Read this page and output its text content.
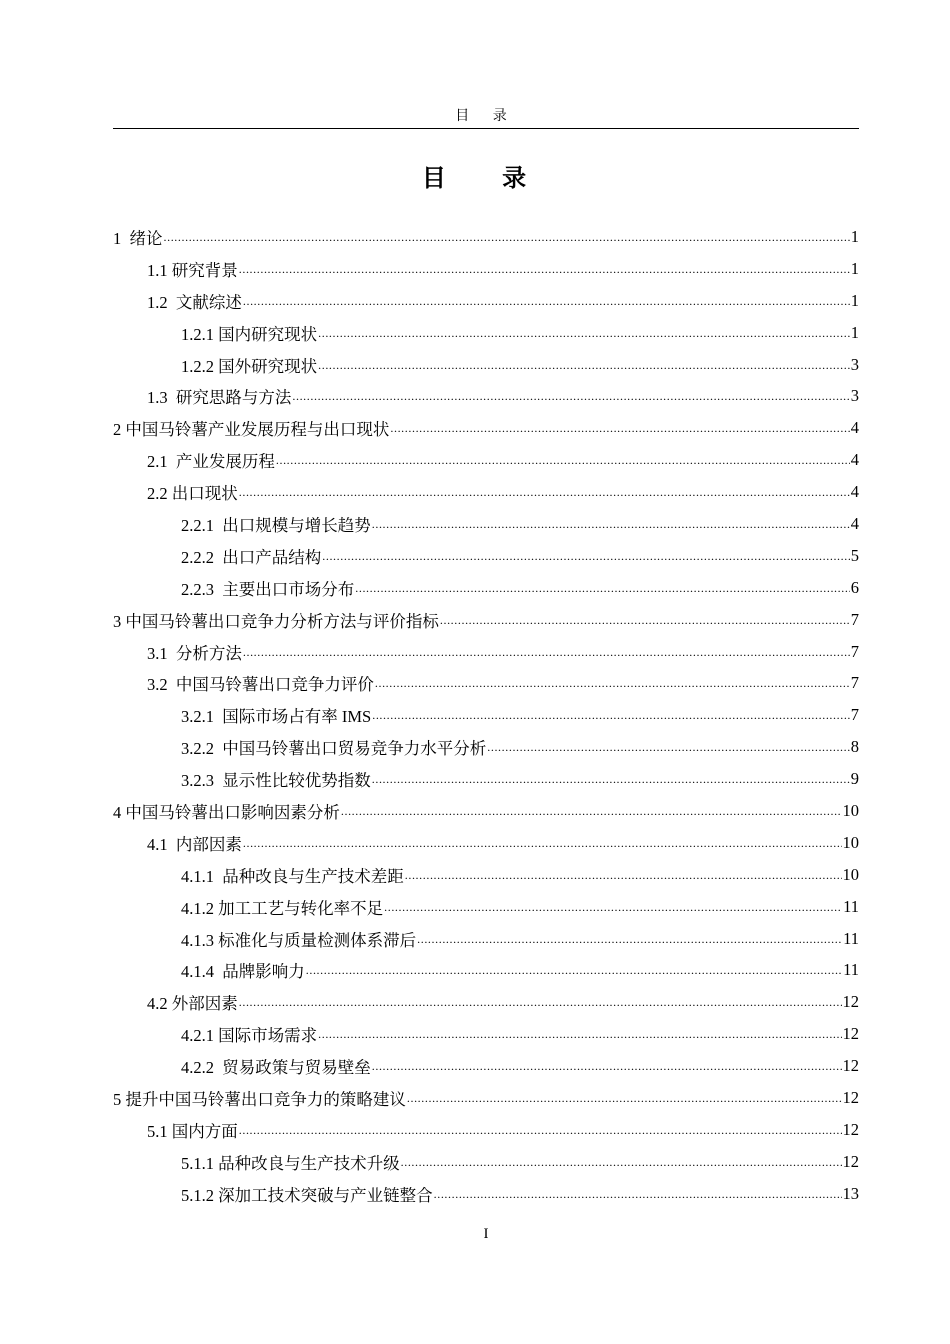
目 录
目 录
1  绪论 .....	1
1.1 研究背景 .....	1
1.2  文献综述 .....	1
1.2.1 国内研究现状 .....	1
1.2.2 国外研究现状 .....	3
1.3  研究思路与方法 .....	3
2 中国马铃薯产业发展历程与出口现状 .....	4
2.1  产业发展历程 .....	4
2.2 出口现状 .....	4
2.2.1  出口规模与增长趋势 .....	4
2.2.2  出口产品结构 .....	5
2.2.3  主要出口市场分布 .....	6
3 中国马铃薯出口竞争力分析方法与评价指标 .....	7
3.1  分析方法 .....	7
3.2  中国马铃薯出口竞争力评价 .....	7
3.2.1  国际市场占有率 IMS .....	7
3.2.2  中国马铃薯出口贸易竞争力水平分析 .....	8
3.2.3  显示性比较优势指数 .....	9
4 中国马铃薯出口影响因素分析 .....	10
4.1  内部因素 .....	10
4.1.1  品种改良与生产技术差距 .....	10
4.1.2 加工工艺与转化率不足 .....	11
4.1.3 标准化与质量检测体系滞后 .....	11
4.1.4  品牌影响力 .....	11
4.2 外部因素 .....	12
4.2.1 国际市场需求 .....	12
4.2.2  贸易政策与贸易壁垒 .....	12
5 提升中国马铃薯出口竞争力的策略建议 .....	12
5.1 国内方面 .....	12
5.1.1 品种改良与生产技术升级 .....	12
5.1.2 深加工技术突破与产业链整合 .....	13
I
